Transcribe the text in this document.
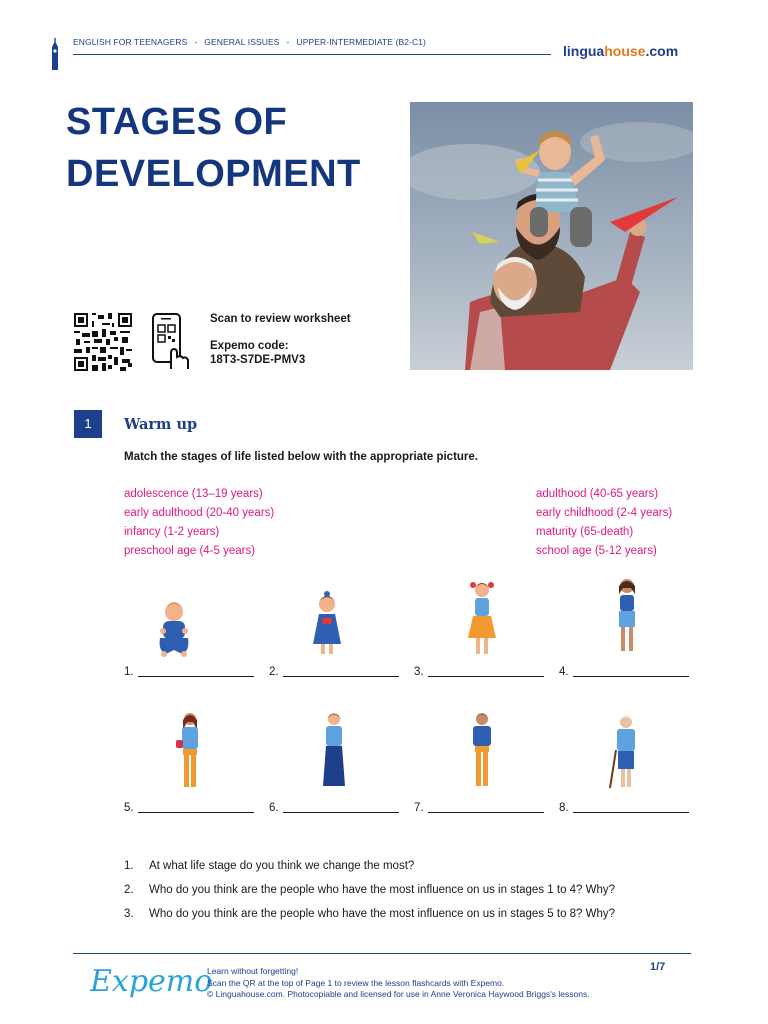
ENGLISH FOR TEENAGERS - GENERAL ISSUES - UPPER-INTERMEDIATE (B2-C1)
linguahouse.com
STAGES OF
DEVELOPMENT
Scan to review worksheet
Expemo code:
18T3-S7DE-PMV3
1	Warm up
Match the stages of life listed below with the appropriate picture.
adolescence (13–19 years)
early adulthood (20-40 years)
infancy (1-2 years)
preschool age (4-5 years)
adulthood (40-65 years)
early childhood (2-4 years)
maturity (65-death)
school age (5-12 years)
1.	2.	3.	4.
5.	6.	7.	8.
1. At what life stage do you think we change the most?
2. Who do you think are the people who have the most influence on us in stages 1 to 4? Why?
3. Who do you think are the people who have the most influence on us in stages 5 to 8? Why?
Expemo
Learn without forgetting!
Scan the QR at the top of Page 1 to review the lesson flashcards with Expemo.
© Linguahouse.com. Photocopiable and licensed for use in Anne Veronica Haywood Briggs's lessons.
1/7
